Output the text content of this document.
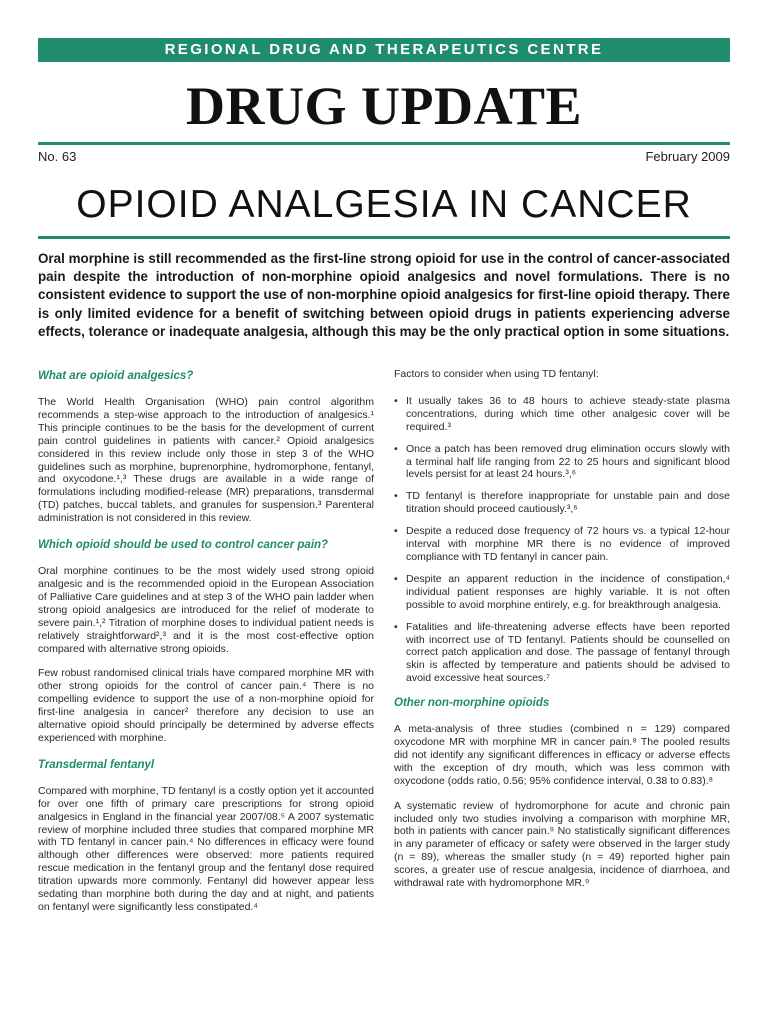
REGIONAL DRUG AND THERAPEUTICS CENTRE
DRUG UPDATE
No. 63	February 2009
OPIOID ANALGESIA IN CANCER
Oral morphine is still recommended as the first-line strong opioid for use in the control of cancer-associated pain despite the introduction of non-morphine opioid analgesics and novel formulations. There is no consistent evidence to support the use of non-morphine opioid analgesics for first-line opioid therapy. There is only limited evidence for a benefit of switching between opioid drugs in patients experiencing adverse effects, tolerance or inadequate analgesia, although this may be the only practical option in some situations.
What are opioid analgesics?

The World Health Organisation (WHO) pain control algorithm recommends a step-wise approach to the introduction of analgesics.¹ This principle continues to be the basis for the development of current pain control guidelines in patients with cancer.² Opioid analgesics considered in this review include only those in step 3 of the WHO guidelines such as morphine, buprenorphine, hydromorphone, fentanyl, and oxycodone.¹,³ These drugs are available in a wide range of formulations including modified-release (MR) preparations, transdermal (TD) patches, buccal tablets, and granules for suspension.³ Parenteral administration is not considered in this review.

Which opioid should be used to control cancer pain?

Oral morphine continues to be the most widely used strong opioid analgesic and is the recommended opioid in the European Association of Palliative Care guidelines and at step 3 of the WHO pain ladder when strong opioid analgesics are introduced for the relief of moderate to severe pain.¹,² Titration of morphine doses to individual patient needs is relatively straightforward²,³ and it is the most cost-effective option compared with alternative strong opioids.

Few robust randomised clinical trials have compared morphine MR with other strong opioids for the control of cancer pain.⁴ There is no compelling evidence to support the use of a non-morphine opioid for first-line analgesia in cancer² therefore any decision to use an alternative opioid should principally be determined by adverse effects experienced with morphine.

Transdermal fentanyl

Compared with morphine, TD fentanyl is a costly option yet it accounted for over one fifth of primary care prescriptions for strong opioid analgesics in England in the financial year 2007/08.⁵ A 2007 systematic review of morphine included three studies that compared morphine MR with TD fentanyl in cancer pain.⁴ No differences in efficacy were found although other differences were observed: more patients required rescue medication in the fentanyl group and the fentanyl dose required titration upwards more commonly. Fentanyl did however appear less sedating than morphine both during the day and at night, and patients on fentanyl were significantly less constipated.⁴

Factors to consider when using TD fentanyl:

• It usually takes 36 to 48 hours to achieve steady-state plasma concentrations, during which time other analgesic cover will be required.³
• Once a patch has been removed drug elimination occurs slowly with a terminal half life ranging from 22 to 25 hours and significant blood levels persist for at least 24 hours.³,⁶
• TD fentanyl is therefore inappropriate for unstable pain and dose titration should proceed cautiously.³,⁶
• Despite a reduced dose frequency of 72 hours vs. a typical 12-hour interval with morphine MR there is no evidence of improved compliance with TD fentanyl in cancer pain.
• Despite an apparent reduction in the incidence of constipation,⁴ individual patient responses are highly variable. It is not often possible to avoid morphine entirely, e.g. for breakthrough analgesia.
• Fatalities and life-threatening adverse effects have been reported with incorrect use of TD fentanyl. Patients should be counselled on correct patch application and dose. The passage of fentanyl through skin is affected by temperature and patients should be advised to avoid excessive heat sources.⁷
Other non-morphine opioids

A meta-analysis of three studies (combined n = 129) compared oxycodone MR with morphine MR in cancer pain.⁸ The pooled results did not identify any significant differences in efficacy or adverse effects with the exception of dry mouth, which was less common with oxycodone (odds ratio, 0.56; 95% confidence interval, 0.38 to 0.83).⁸

A systematic review of hydromorphone for acute and chronic pain included only two studies involving a comparison with morphine MR, both in patients with cancer pain.⁹ No statistically significant differences in any parameter of efficacy or safety were observed in the larger study (n = 89), whereas the smaller study (n = 49) reported higher pain scores, a greater use of rescue analgesia, incidence of diarrhoea, and withdrawal rate with hydromorphone MR.⁹
